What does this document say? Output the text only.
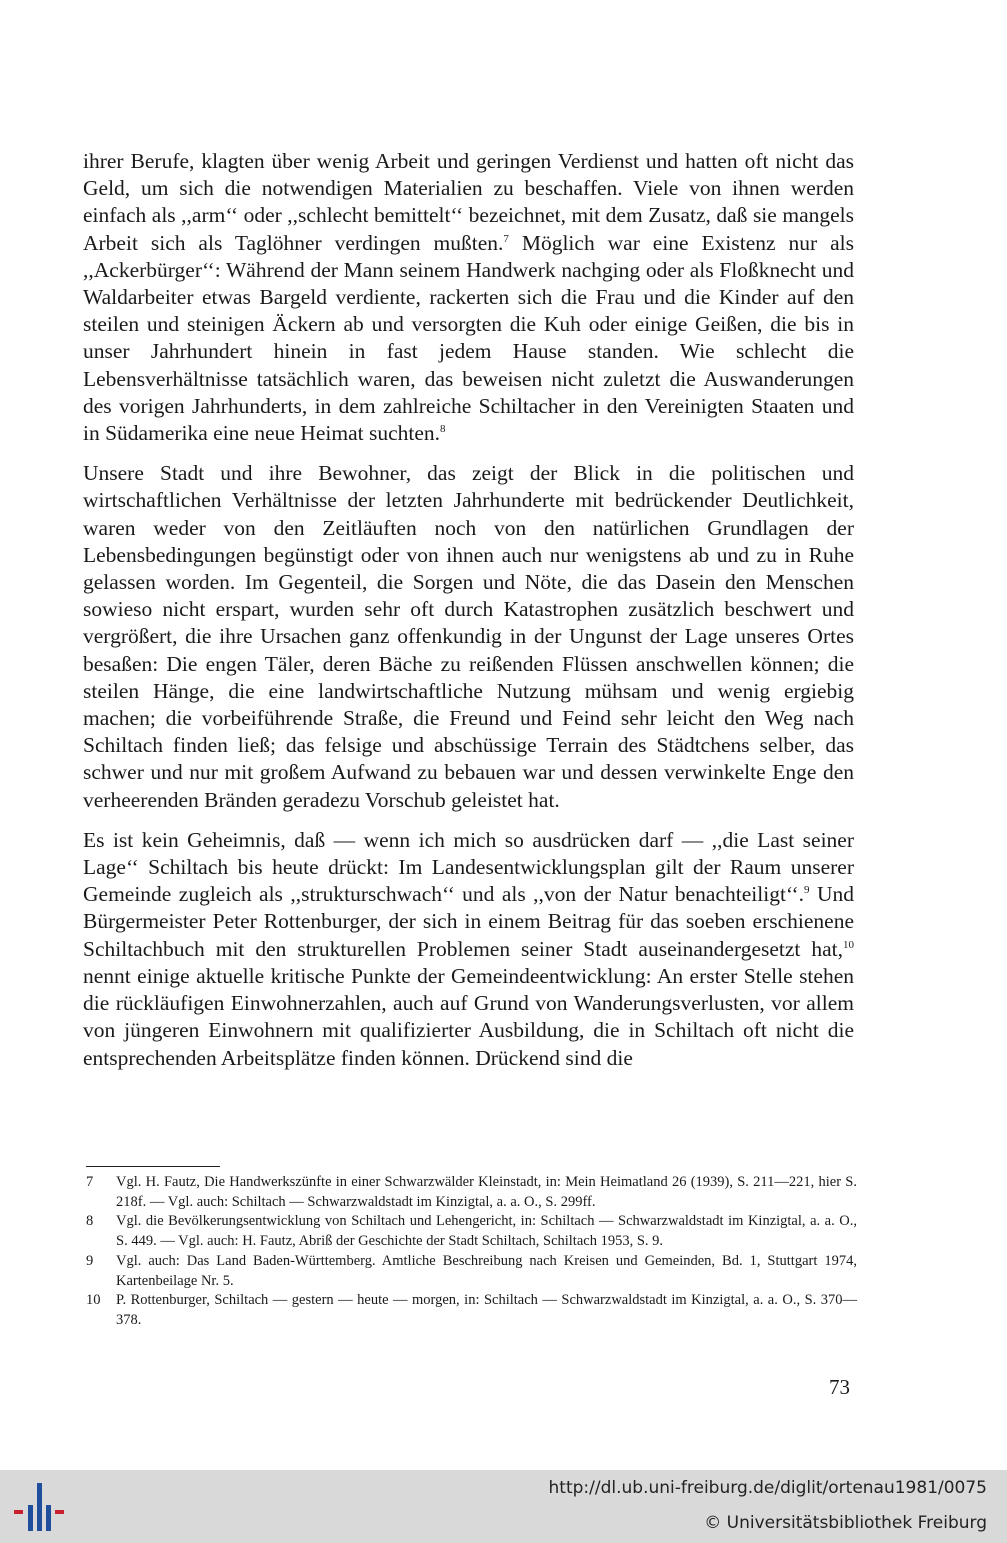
ihrer Berufe, klagten über wenig Arbeit und geringen Verdienst und hatten oft nicht das Geld, um sich die notwendigen Materialien zu beschaffen. Viele von ihnen werden einfach als ,,arm‘‘ oder ,,schlecht bemittelt‘‘ bezeichnet, mit dem Zusatz, daß sie mangels Arbeit sich als Taglöhner verdingen mußten.$^7$ Möglich war eine Existenz nur als ,,Ackerbürger‘‘: Während der Mann seinem Handwerk nachging oder als Floßknecht und Waldarbeiter etwas Bargeld verdiente, rackerten sich die Frau und die Kinder auf den steilen und steinigen Äckern ab und versorgten die Kuh oder einige Geißen, die bis in unser Jahrhundert hinein in fast jedem Hause standen. Wie schlecht die Lebensverhältnisse tatsächlich waren, das beweisen nicht zuletzt die Auswanderungen des vorigen Jahrhunderts, in dem zahlreiche Schiltacher in den Vereinigten Staaten und in Südamerika eine neue Heimat suchten.$^8$

Unsere Stadt und ihre Bewohner, das zeigt der Blick in die politischen und wirtschaftlichen Verhältnisse der letzten Jahrhunderte mit bedrückender Deutlichkeit, waren weder von den Zeitläuften noch von den natürlichen Grundlagen der Lebensbedingungen begünstigt oder von ihnen auch nur wenigstens ab und zu in Ruhe gelassen worden. Im Gegenteil, die Sorgen und Nöte, die das Dasein den Menschen sowieso nicht erspart, wurden sehr oft durch Katastrophen zusätzlich beschwert und vergrößert, die ihre Ursachen ganz offenkundig in der Ungunst der Lage unseres Ortes besaßen: Die engen Täler, deren Bäche zu reißenden Flüssen anschwellen können; die steilen Hänge, die eine landwirtschaftliche Nutzung mühsam und wenig ergiebig machen; die vorbeiführende Straße, die Freund und Feind sehr leicht den Weg nach Schiltach finden ließ; das felsige und abschüssige Terrain des Städtchens selber, das schwer und nur mit großem Aufwand zu bebauen war und dessen verwinkelte Enge den verheerenden Bränden geradezu Vorschub geleistet hat.

Es ist kein Geheimnis, daß — wenn ich mich so ausdrücken darf — ,,die Last seiner Lage‘‘ Schiltach bis heute drückt: Im Landesentwicklungsplan gilt der Raum unserer Gemeinde zugleich als ,,strukturschwach‘‘ und als ,,von der Natur benachteiligt‘‘.$^9$ Und Bürgermeister Peter Rottenburger, der sich in einem Beitrag für das soeben erschienene Schiltachbuch mit den strukturellen Problemen seiner Stadt auseinandergesetzt hat,$^{10}$ nennt einige aktuelle kritische Punkte der Gemeindeentwicklung: An erster Stelle stehen die rückläufigen Einwohnerzahlen, auch auf Grund von Wanderungsverlusten, vor allem von jüngeren Einwohnern mit qualifizierter Ausbildung, die in Schiltach oft nicht die entsprechenden Arbeitsplätze finden können. Drückend sind die

7	Vgl. H. Fautz, Die Handwerkszünfte in einer Schwarzwälder Kleinstadt, in: Mein Heimatland 26 (1939), S. 211—221, hier S. 218f. — Vgl. auch: Schiltach — Schwarzwaldstadt im Kinzigtal, a. a. O., S. 299ff.
8	Vgl. die Bevölkerungsentwicklung von Schiltach und Lehengericht, in: Schiltach — Schwarzwaldstadt im Kinzigtal, a. a. O., S. 449. — Vgl. auch: H. Fautz, Abriß der Geschichte der Stadt Schiltach, Schiltach 1953, S. 9.
9	Vgl. auch: Das Land Baden-Württemberg. Amtliche Beschreibung nach Kreisen und Gemeinden, Bd. 1, Stuttgart 1974, Kartenbeilage Nr. 5.
10	P. Rottenburger, Schiltach — gestern — heute — morgen, in: Schiltach — Schwarzwaldstadt im Kinzigtal, a. a. O., S. 370—378.
73
http://dl.ub.uni-freiburg.de/diglit/ortenau1981/0075
© Universitätsbibliothek Freiburg
